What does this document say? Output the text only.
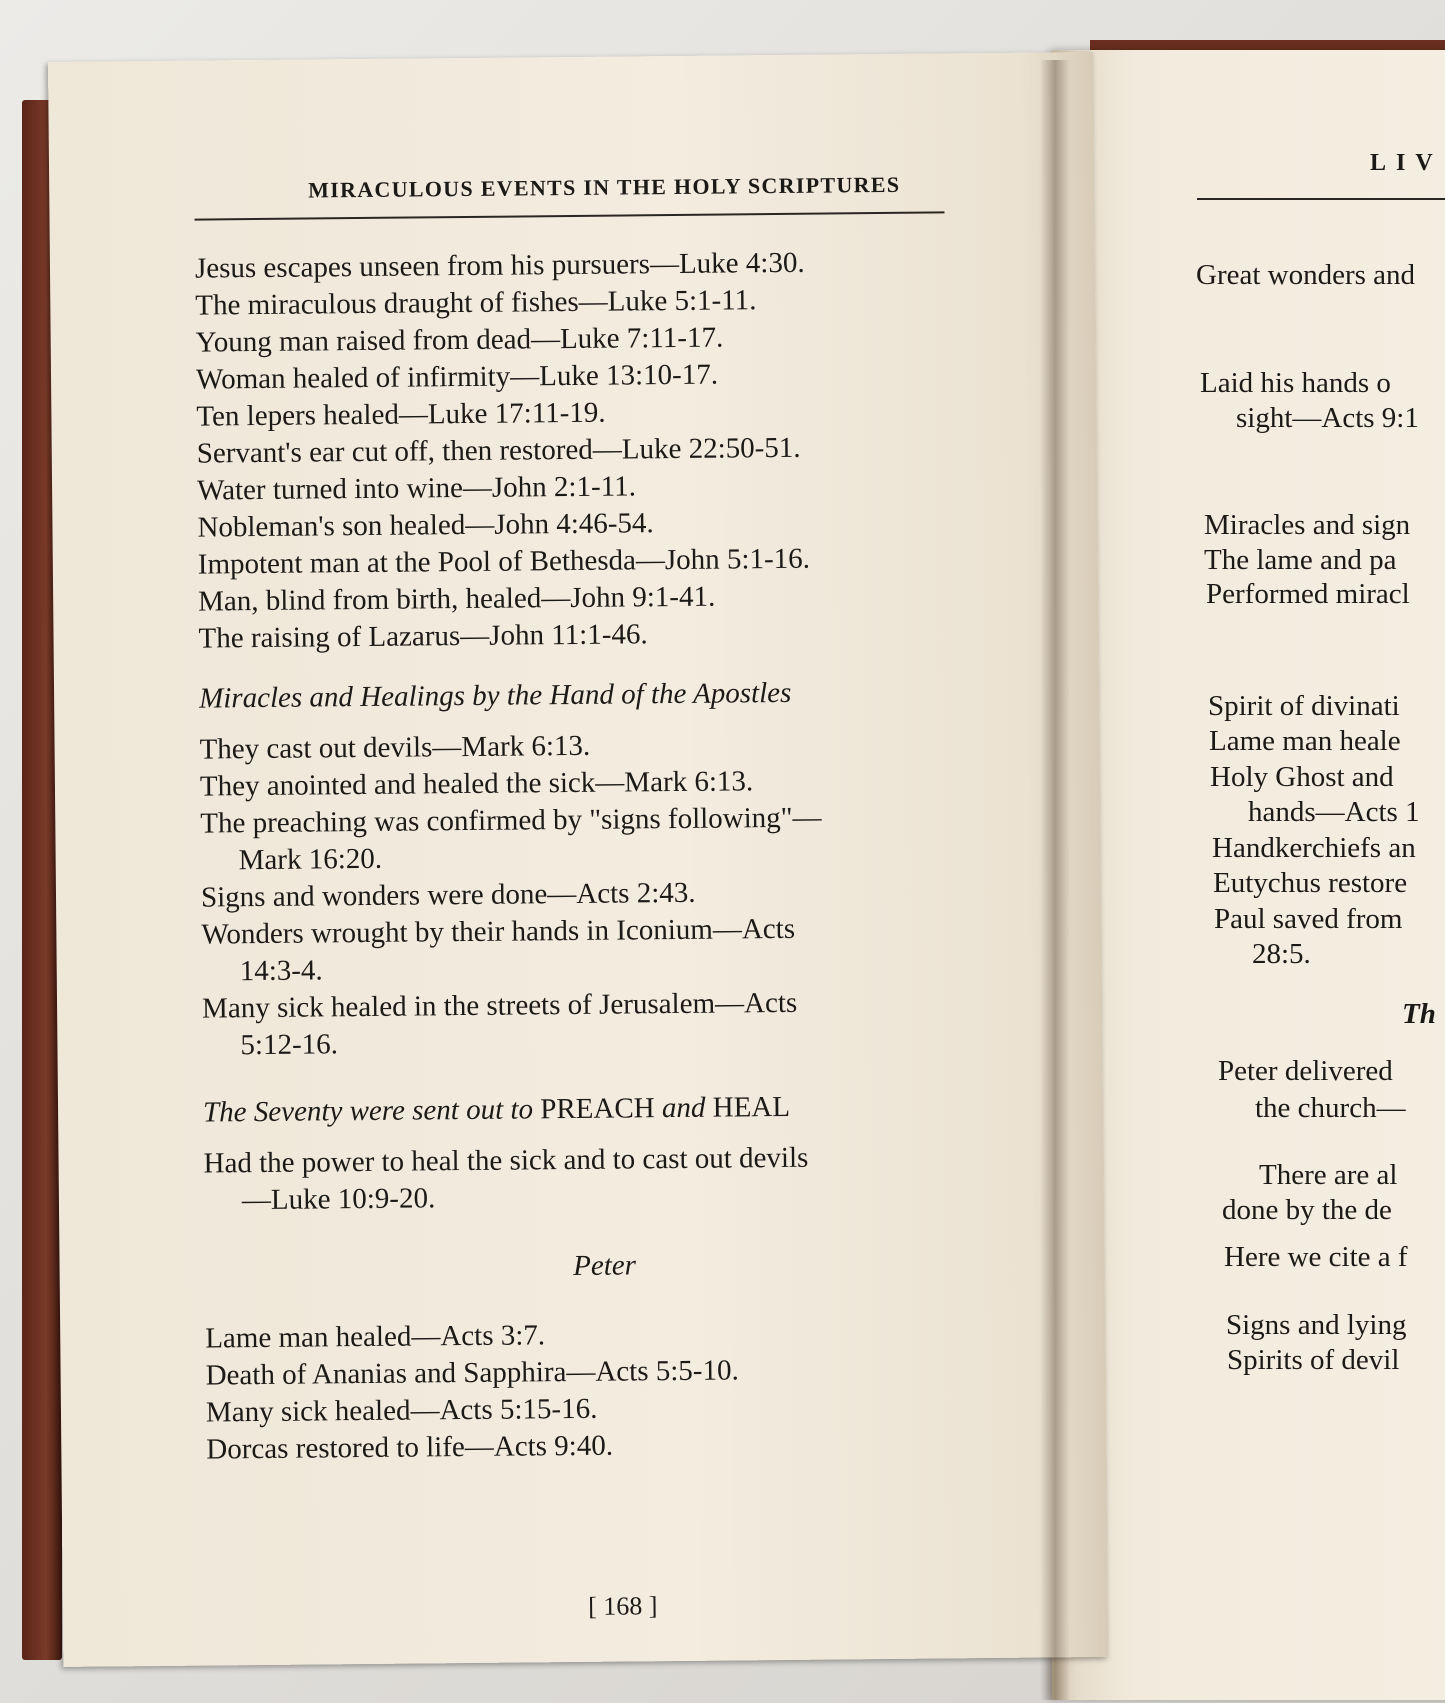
LIV
Great wonders and
Laid his hands o
sight—Acts 9:1
Miracles and sign
The lame and pa
Performed miracl
Spirit of divinati
Lame man heale
Holy Ghost and
hands—Acts 1
Handkerchiefs an
Eutychus restore
Paul saved from
28:5.
Th
Peter delivered
the church—
There are al
done by the de
Here we cite a f
Signs and lying
Spirits of devil
MIRACULOUS EVENTS IN THE HOLY SCRIPTURES
Jesus escapes unseen from his pursuers—Luke 4:30.
The miraculous draught of fishes—Luke 5:1-11.
Young man raised from dead—Luke 7:11-17.
Woman healed of infirmity—Luke 13:10-17.
Ten lepers healed—Luke 17:11-19.
Servant's ear cut off, then restored—Luke 22:50-51.
Water turned into wine—John 2:1-11.
Nobleman's son healed—John 4:46-54.
Impotent man at the Pool of Bethesda—John 5:1-16.
Man, blind from birth, healed—John 9:1-41.
The raising of Lazarus—John 11:1-46.
Miracles and Healings by the Hand of the Apostles
They cast out devils—Mark 6:13.
They anointed and healed the sick—Mark 6:13.
The preaching was confirmed by "signs following"—
Mark 16:20.
Signs and wonders were done—Acts 2:43.
Wonders wrought by their hands in Iconium—Acts
14:3-4.
Many sick healed in the streets of Jerusalem—Acts
5:12-16.
The Seventy were sent out to PREACH and HEAL
Had the power to heal the sick and to cast out devils
—Luke 10:9-20.
Peter
Lame man healed—Acts 3:7.
Death of Ananias and Sapphira—Acts 5:5-10.
Many sick healed—Acts 5:15-16.
Dorcas restored to life—Acts 9:40.
[ 168 ]
